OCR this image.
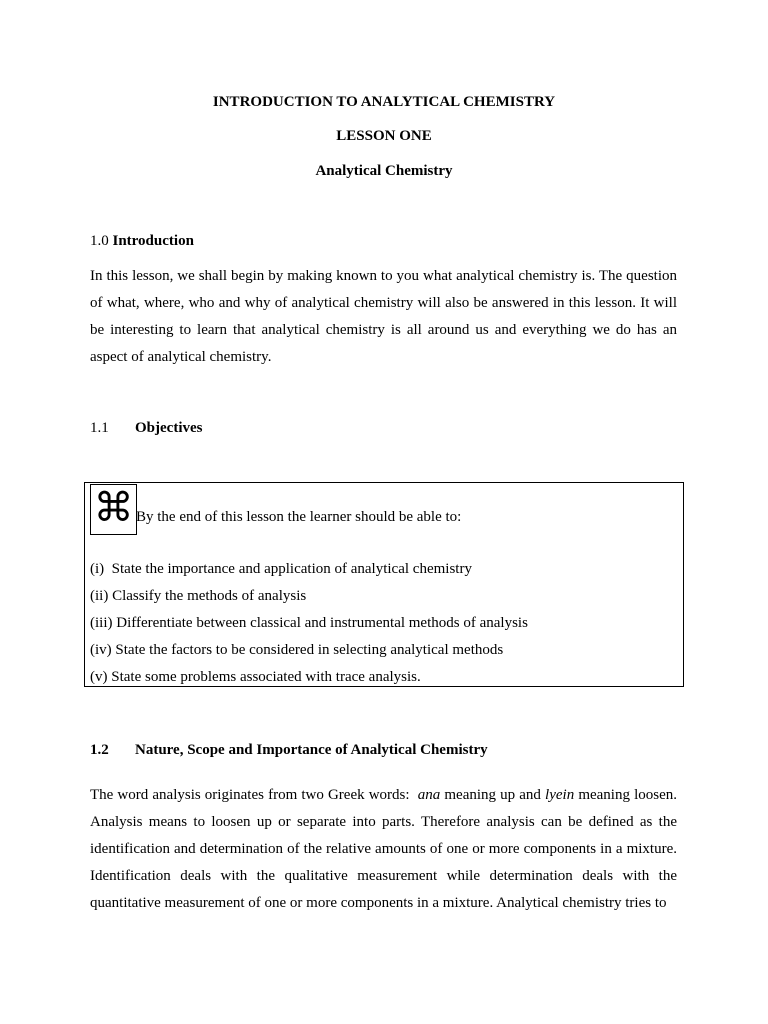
INTRODUCTION TO ANALYTICAL CHEMISTRY
LESSON ONE
Analytical Chemistry
1.0 Introduction
In this lesson, we shall begin by making known to you what analytical chemistry is. The question of what, where, who and why of analytical chemistry will also be answered in this lesson. It will be interesting to learn that analytical chemistry is all around us and everything we do has an aspect of analytical chemistry.
1.1 Objectives
⌘ By the end of this lesson the learner should be able to:
(i)  State the importance and application of analytical chemistry
(ii) Classify the methods of analysis
(iii) Differentiate between classical and instrumental methods of analysis
(iv) State the factors to be considered in selecting analytical methods
(v) State some problems associated with trace analysis.
1.2 Nature, Scope and Importance of Analytical Chemistry
The word analysis originates from two Greek words:  ana meaning up and lyein meaning loosen. Analysis means to loosen up or separate into parts. Therefore analysis can be defined as the identification and determination of the relative amounts of one or more components in a mixture. Identification deals with the qualitative measurement while determination deals with the quantitative measurement of one or more components in a mixture. Analytical chemistry tries to
